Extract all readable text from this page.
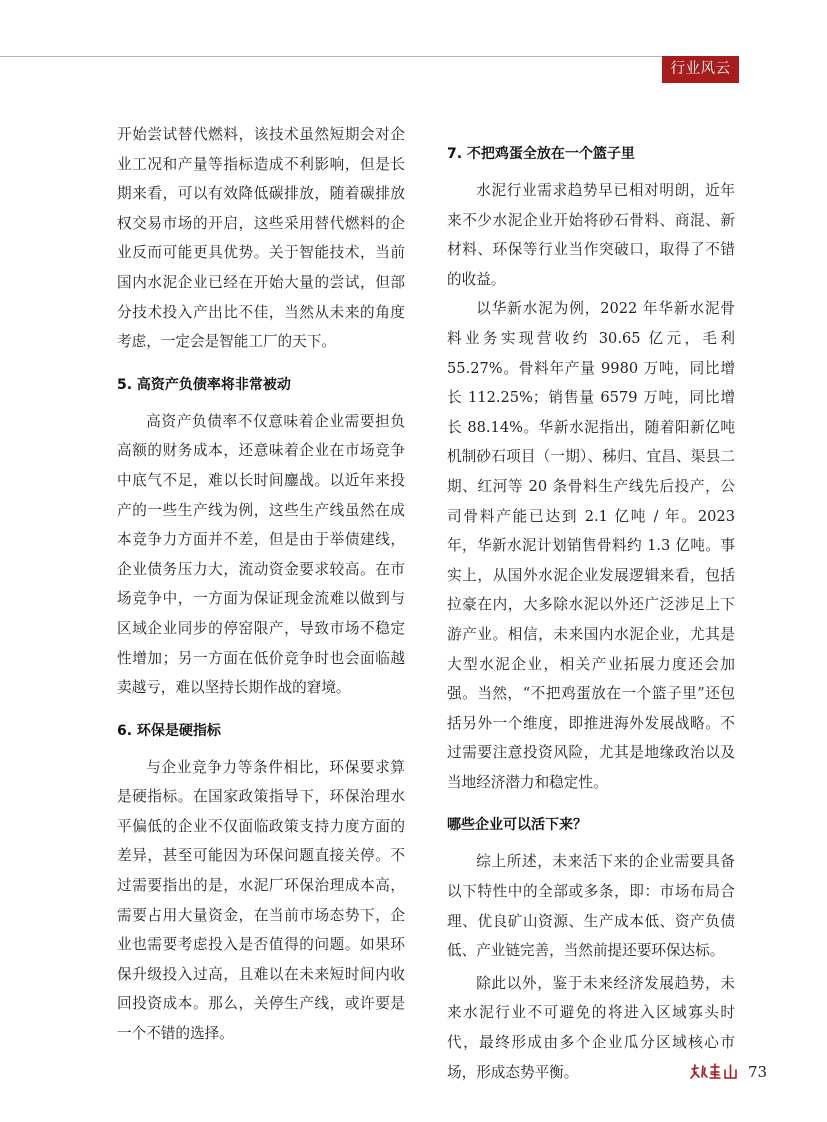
行业风云

开始尝试替代燃料，该技术虽然短期会对企业工况和产量等指标造成不利影响，但是长期来看，可以有效降低碳排放，随着碳排放权交易市场的开启，这些采用替代燃料的企业反而可能更具优势。关于智能技术，当前国内水泥企业已经在开始大量的尝试，但部分技术投入产出比不佳，当然从未来的角度考虑，一定会是智能工厂的天下。

5. 高资产负债率将非常被动

高资产负债率不仅意味着企业需要担负高额的财务成本，还意味着企业在市场竞争中底气不足，难以长时间鏖战。以近年来投产的一些生产线为例，这些生产线虽然在成本竞争力方面并不差，但是由于举债建线，企业债务压力大，流动资金要求较高。在市场竞争中，一方面为保证现金流难以做到与区域企业同步的停窑限产，导致市场不稳定性增加；另一方面在低价竞争时也会面临越卖越亏，难以坚持长期作战的窘境。

6. 环保是硬指标

与企业竞争力等条件相比，环保要求算是硬指标。在国家政策指导下，环保治理水平偏低的企业不仅面临政策支持力度方面的差异，甚至可能因为环保问题直接关停。不过需要指出的是，水泥厂环保治理成本高，需要占用大量资金，在当前市场态势下，企业也需要考虑投入是否值得的问题。如果环保升级投入过高，且难以在未来短时间内收回投资成本。那么，关停生产线，或许要是一个不错的选择。

7. 不把鸡蛋全放在一个篮子里

水泥行业需求趋势早已相对明朗，近年来不少水泥企业开始将砂石骨料、商混、新材料、环保等行业当作突破口，取得了不错的收益。

以华新水泥为例，2022 年华新水泥骨料业务实现营收约 30.65 亿元，毛利 55.27%。骨料年产量 9980 万吨，同比增长 112.25%；销售量 6579 万吨，同比增长 88.14%。华新水泥指出，随着阳新亿吨机制砂石项目（一期）、秭归、宜昌、渠县二期、红河等 20 条骨料生产线先后投产，公司骨料产能已达到 2.1 亿吨 / 年。2023 年，华新水泥计划销售骨料约 1.3 亿吨。事实上，从国外水泥企业发展逻辑来看，包括拉豪在内，大多除水泥以外还广泛涉足上下游产业。相信，未来国内水泥企业，尤其是大型水泥企业，相关产业拓展力度还会加强。当然，“不把鸡蛋放在一个篮子里”还包括另外一个维度，即推进海外发展战略。不过需要注意投资风险，尤其是地缘政治以及当地经济潜力和稳定性。

哪些企业可以活下来？

综上所述，未来活下来的企业需要具备以下特性中的全部或多条，即：市场布局合理、优良矿山资源、生产成本低、资产负债低、产业链完善，当然前提还要环保达标。

除此以外，鉴于未来经济发展趋势，未来水泥行业不可避免的将进入区域寡头时代，最终形成由多个企业瓜分区域核心市场，形成态势平衡。	73
